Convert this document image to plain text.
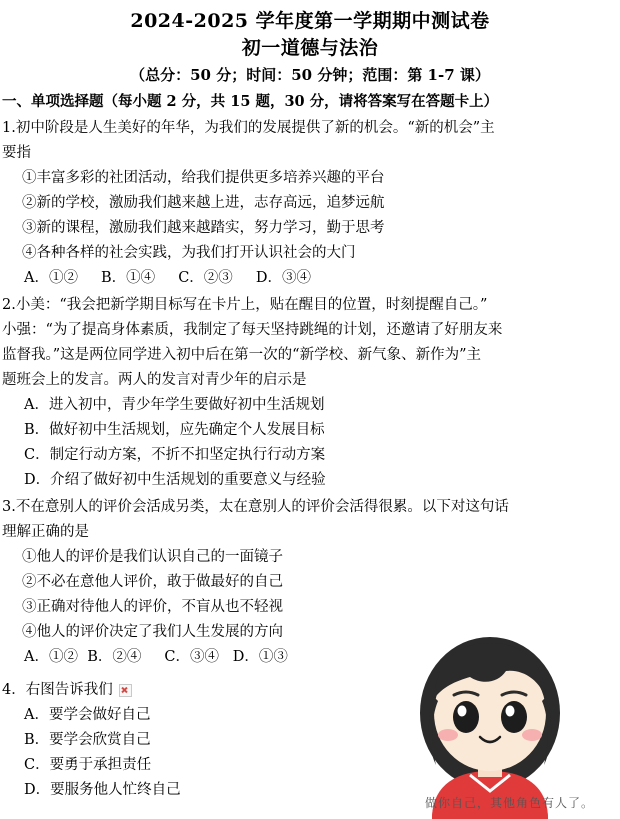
做你自己，其他角色有人了。
2024-2025 学年度第一学期期中测试卷
初一道德与法治
（总分：50 分；时间：50 分钟；范围：第 1-7 课）
一、单项选择题（每小题 2 分，共 15 题，30 分，请将答案写在答题卡上）
1.初中阶段是人生美好的年华，为我们的发展提供了新的机会。“新的机会”主
要指
①丰富多彩的社团活动，给我们提供更多培养兴趣的平台
②新的学校，激励我们越来越上进，志存高远，追梦远航
③新的课程，激励我们越来越踏实，努力学习，勤于思考
④各种各样的社会实践，为我们打开认识社会的大门
A．①②     B．①④     C．②③     D．③④
2.小美：“我会把新学期目标写在卡片上，贴在醒目的位置，时刻提醒自己。”
小强：“为了提高身体素质，我制定了每天坚持跳绳的计划，还邀请了好朋友来
监督我。”这是两位同学进入初中后在第一次的“新学校、新气象、新作为”主
题班会上的发言。两人的发言对青少年的启示是
A．进入初中，青少年学生要做好初中生活规划
B．做好初中生活规划，应先确定个人发展目标
C．制定行动方案，不折不扣坚定执行行动方案
D．介绍了做好初中生活规划的重要意义与经验
3.不在意别人的评价会活成另类，太在意别人的评价会活得很累。以下对这句话
理解正确的是
①他人的评价是我们认识自己的一面镜子
②不必在意他人评价，敢于做最好的自己
③正确对待他人的评价，不盲从也不轻视
④他人的评价决定了我们人生发展的方向
A．①②  B．②④     C．③④   D．①③
4．右图告诉我们
A．要学会做好自己
B．要学会欣赏自己
C．要勇于承担责任
D．要服务他人忙终自己
